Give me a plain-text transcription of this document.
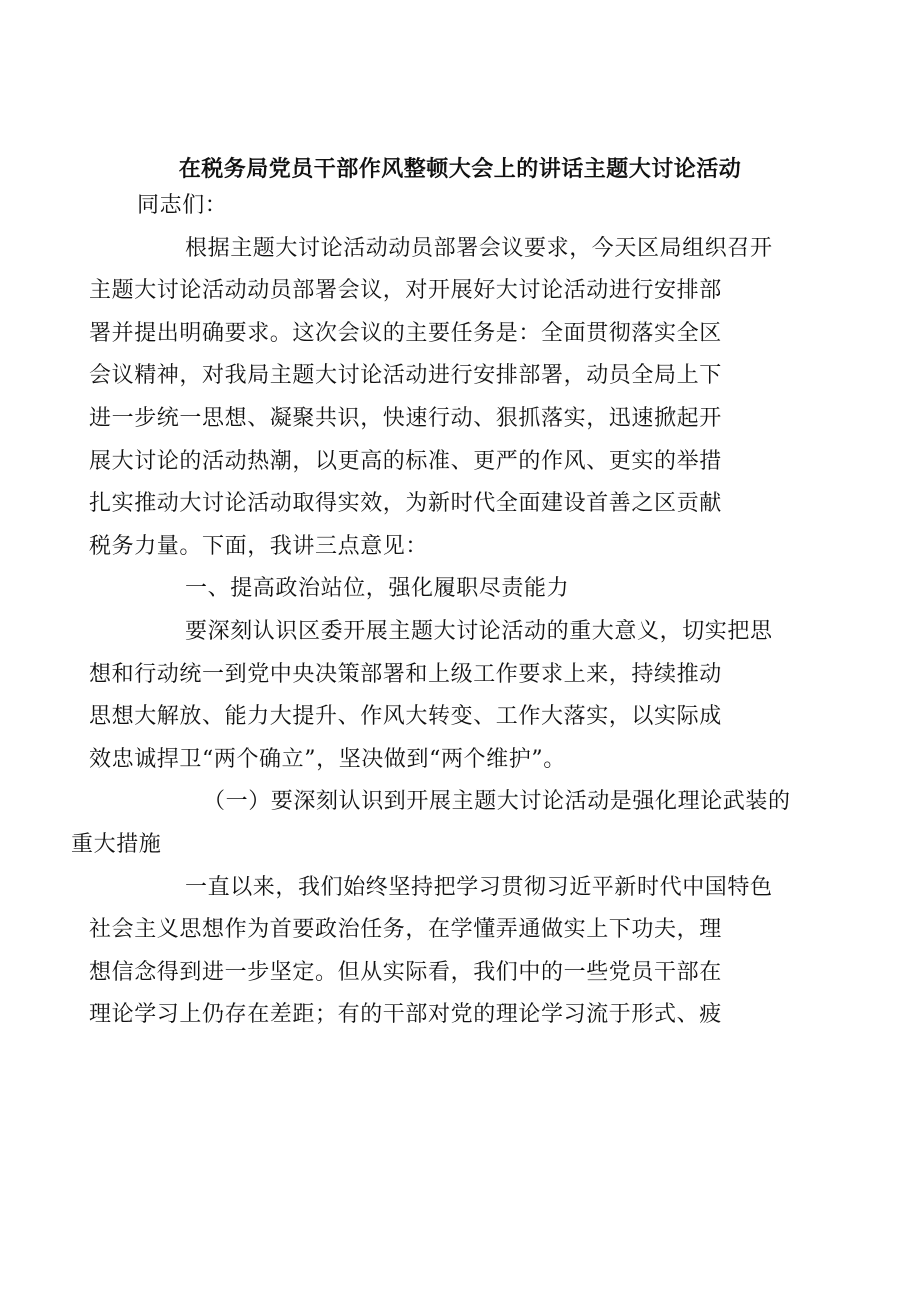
在税务局党员干部作风整顿大会上的讲话主题大讨论活动

同志们：

根据主题大讨论活动动员部署会议要求，今天区局组织召开
主题大讨论活动动员部署会议，对开展好大讨论活动进行安排部
署并提出明确要求。这次会议的主要任务是：全面贯彻落实全区
会议精神，对我局主题大讨论活动进行安排部署，动员全局上下
进一步统一思想、凝聚共识，快速行动、狠抓落实，迅速掀起开
展大讨论的活动热潮，以更高的标准、更严的作风、更实的举措
扎实推动大讨论活动取得实效，为新时代全面建设首善之区贡献
税务力量。下面，我讲三点意见：

一、提高政治站位，强化履职尽责能力

要深刻认识区委开展主题大讨论活动的重大意义，切实把思
想和行动统一到党中央决策部署和上级工作要求上来，持续推动
思想大解放、能力大提升、作风大转变、工作大落实，以实际成
效忠诚捍卫“两个确立”，坚决做到“两个维护”。

（一）要深刻认识到开展主题大讨论活动是强化理论武装的
重大措施

一直以来，我们始终坚持把学习贯彻习近平新时代中国特色
社会主义思想作为首要政治任务，在学懂弄通做实上下功夫，理
想信念得到进一步坚定。但从实际看，我们中的一些党员干部在
理论学习上仍存在差距；有的干部对党的理论学习流于形式、疲
